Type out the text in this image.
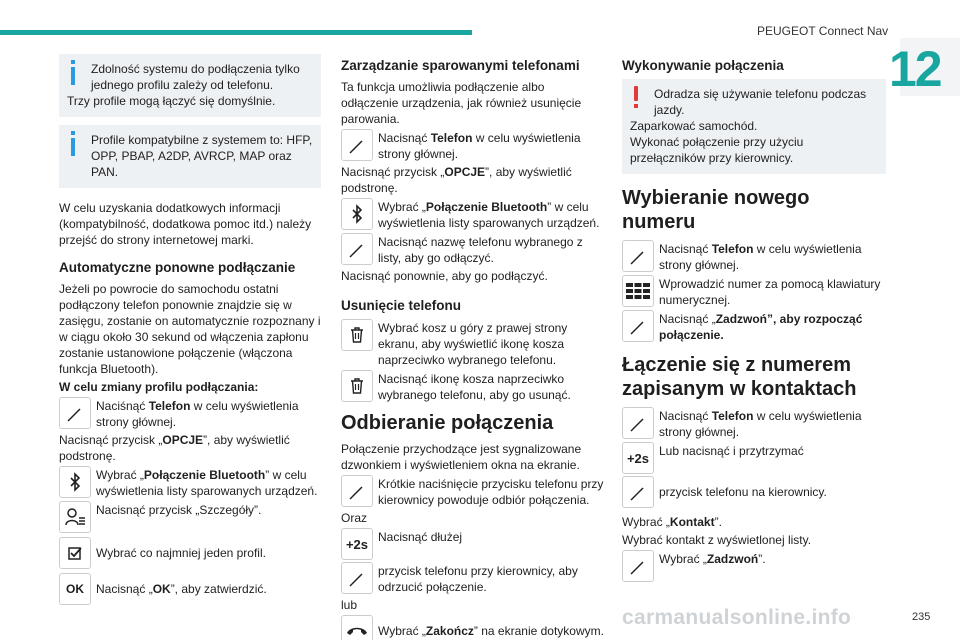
PEUGEOT Connect Nav
12
Zdolność systemu do podłączenia tylko jednego profilu zależy od telefonu.
Trzy profile mogą łączyć się domyślnie.
Profile kompatybilne z systemem to: HFP, OPP, PBAP, A2DP, AVRCP, MAP oraz PAN.

W celu uzyskania dodatkowych informacji (kompatybilność, dodatkowa pomoc itd.) należy przejść do strony internetowej marki.

Automatyczne ponowne podłączanie

Jeżeli po powrocie do samochodu ostatni podłączony telefon ponownie znajdzie się w zasięgu, zostanie on automatycznie rozpoznany i w ciągu około 30 sekund od włączenia zapłonu zostanie ustanowione połączenie (włączona funkcja Bluetooth).

W celu zmiany profilu podłączania:

Naciśnąć Telefon w celu wyświetlenia strony głównej.

Nacisnąć przycisk „OPCJE”, aby wyświetlić podstronę.

Wybrać „Połączenie Bluetooth” w celu wyświetlenia listy sparowanych urządzeń.
Nacisnąć przycisk „Szczegóły”.
Wybrać co najmniej jeden profil.
OK Nacisnąć „OK”, aby zatwierdzić.
Zarządzanie sparowanymi telefonami

Ta funkcja umożliwia podłączenie albo odłączenie urządzenia, jak również usunięcie parowania.

Nacisnąć Telefon w celu wyświetlenia strony głównej.

Nacisnąć przycisk „OPCJE”, aby wyświetlić podstronę.

Wybrać „Połączenie Bluetooth” w celu wyświetlenia listy sparowanych urządzeń.
Nacisnąć nazwę telefonu wybranego z listy, aby go odłączyć.

Nacisnąć ponownie, aby go podłączyć.

Usunięcie telefonu
Wybrać kosz u góry z prawej strony ekranu, aby wyświetlić ikonę kosza naprzeciwko wybranego telefonu.
Nacisnąć ikonę kosza naprzeciwko wybranego telefonu, aby go usunąć.
Odbieranie połączenia

Połączenie przychodzące jest sygnalizowane dzwonkiem i wyświetleniem okna na ekranie.

Krótkie naciśnięcie przycisku telefonu przy kierownicy powoduje odbiór połączenia.

Oraz

+2s Nacisnąć dłużej
przycisk telefonu przy kierownicy, aby odrzucić połączenie.

lub

Wybrać „Zakończ” na ekranie dotykowym.
Wykonywanie połączenia
Odradza się używanie telefonu podczas jazdy.
Zaparkować samochód.
Wykonać połączenie przy użyciu przełączników przy kierownicy.
Wybieranie nowego numeru
Nacisnąć Telefon w celu wyświetlenia strony głównej.
Wprowadzić numer za pomocą klawiatury numerycznej.
Nacisnąć „Zadzwoń”, aby rozpocząć połączenie.
Łączenie się z numerem zapisanym w kontaktach
Nacisnąć Telefon w celu wyświetlenia strony głównej.
+2s Lub nacisnąć i przytrzymać
przycisk telefonu na kierownicy.

Wybrać „Kontakt”.

Wybrać kontakt z wyświetlonej listy.

Wybrać „Zadzwoń”.
carmanualsonline.info	235
